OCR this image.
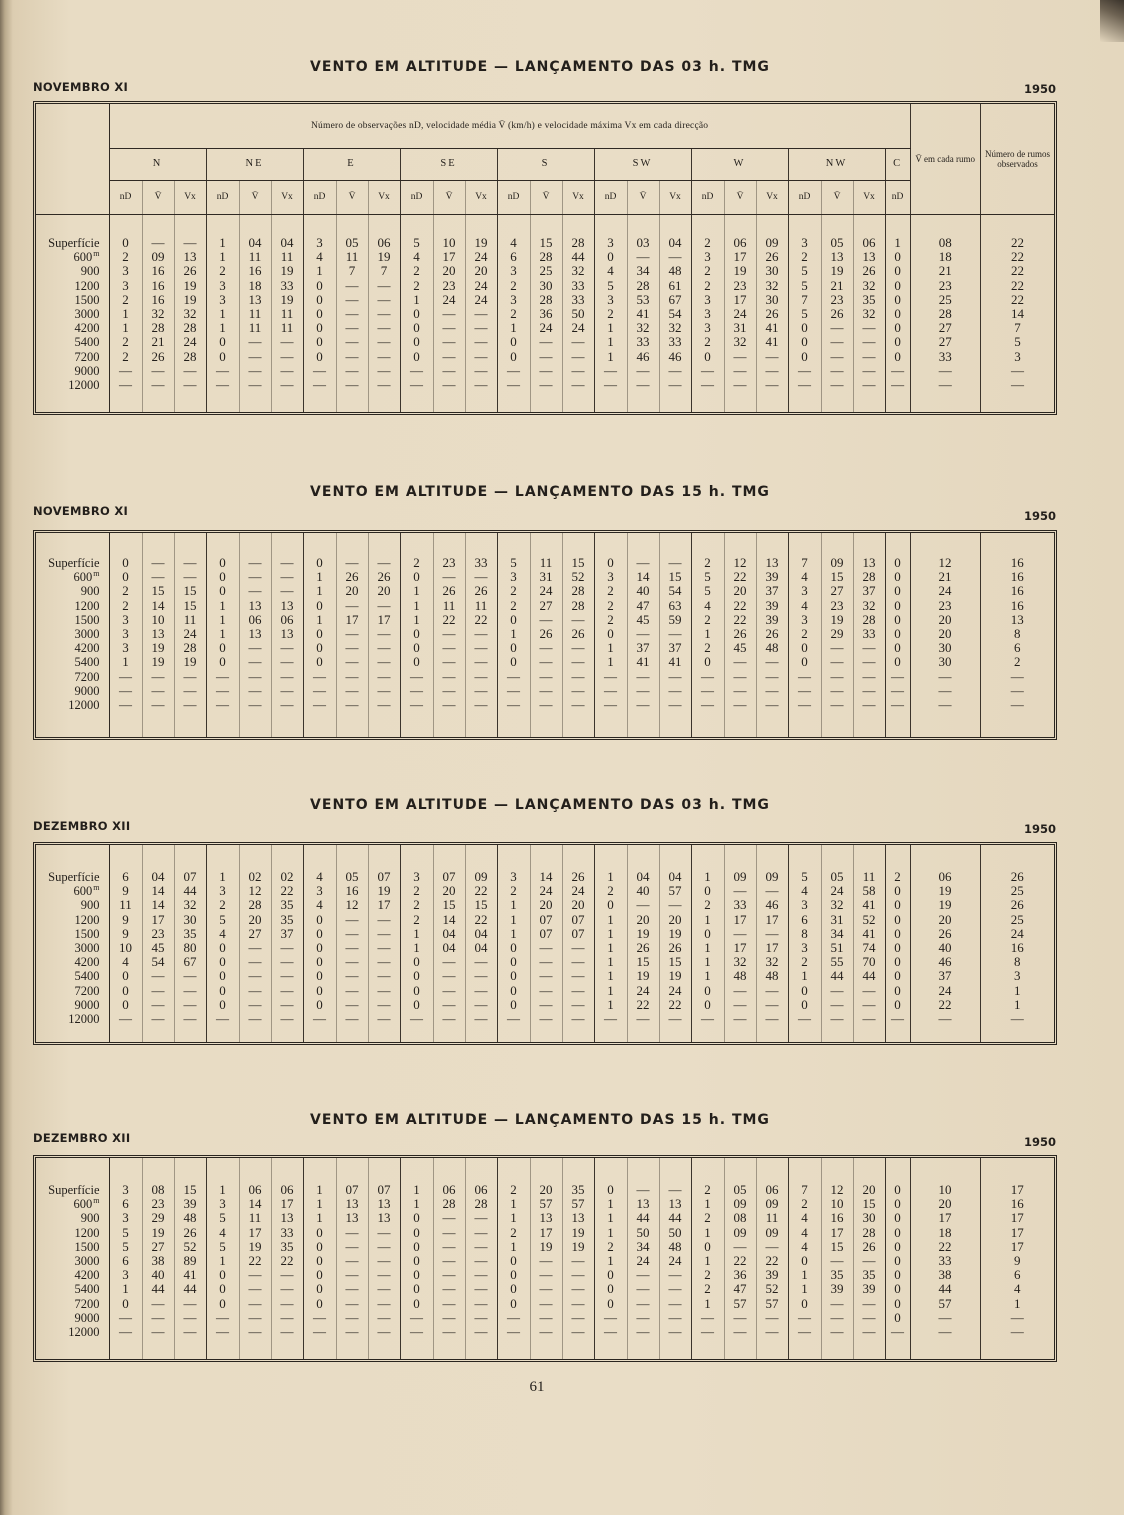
VENTO EM ALTITUDE — LANÇAMENTO DAS 03 h. TMG
NOVEMBRO XI	1950
	Número de observações nD, velocidade média V̄ (km/h) e velocidade máxima Vx em cada direcção																									V̄ em cada rumo	Número de rumos observados
	N			NE			E			SE			S			SW			W			NW			C		
	nD	V̄	Vx	nD	V̄	Vx	nD	V̄	Vx	nD	V̄	Vx	nD	V̄	Vx	nD	V̄	Vx	nD	V̄	Vx	nD	V̄	Vx	nD		

Superfície	0	—	—	1	04	04	3	05	06	5	10	19	4	15	28	3	03	04	2	06	09	3	05	06	1	08	22
600$^m$	2	09	13	1	11	11	4	11	19	4	17	24	6	28	44	0	—	—	3	17	26	2	13	13	0	18	22
900	3	16	26	2	16	19	1	7	7	2	20	20	3	25	32	4	34	48	2	19	30	5	19	26	0	21	22
1200	3	16	19	3	18	33	0	—	—	2	23	24	2	30	33	5	28	61	2	23	32	5	21	32	0	23	22
1500	2	16	19	3	13	19	0	—	—	1	24	24	3	28	33	3	53	67	3	17	30	7	23	35	0	25	22
3000	1	32	32	1	11	11	0	—	—	0	—	—	2	36	50	2	41	54	3	24	26	5	26	32	0	28	14
4200	1	28	28	1	11	11	0	—	—	0	—	—	1	24	24	1	32	32	3	31	41	0	—	—	0	27	7
5400	2	21	24	0	—	—	0	—	—	0	—	—	0	—	—	1	33	33	2	32	41	0	—	—	0	27	5
7200	2	26	28	0	—	—	0	—	—	0	—	—	0	—	—	1	46	46	0	—	—	0	—	—	0	33	3
9000	—	—	—	—	—	—	—	—	—	—	—	—	—	—	—	—	—	—	—	—	—	—	—	—	—	—	—
12000	—	—	—	—	—	—	—	—	—	—	—	—	—	—	—	—	—	—	—	—	—	—	—	—	—	—	—

VENTO EM ALTITUDE — LANÇAMENTO DAS 15 h. TMG
NOVEMBRO XI	1950

Superfície	0	—	—	0	—	—	0	—	—	2	23	33	5	11	15	0	—	—	2	12	13	7	09	13	0	12	16
600$^m$	0	—	—	0	—	—	1	26	26	0	—	—	3	31	52	3	14	15	5	22	39	4	15	28	0	21	16
900	2	15	15	0	—	—	1	20	20	1	26	26	2	24	28	2	40	54	5	20	37	3	27	37	0	24	16
1200	2	14	15	1	13	13	0	—	—	1	11	11	2	27	28	2	47	63	4	22	39	4	23	32	0	23	16
1500	3	10	11	1	06	06	1	17	17	1	22	22	0	—	—	2	45	59	2	22	39	3	19	28	0	20	13
3000	3	13	24	1	13	13	0	—	—	0	—	—	1	26	26	0	—	—	1	26	26	2	29	33	0	20	8
4200	3	19	28	0	—	—	0	—	—	0	—	—	0	—	—	1	37	37	2	45	48	0	—	—	0	30	6
5400	1	19	19	0	—	—	0	—	—	0	—	—	0	—	—	1	41	41	0	—	—	0	—	—	0	30	2
7200	—	—	—	—	—	—	—	—	—	—	—	—	—	—	—	—	—	—	—	—	—	—	—	—	—	—	—
9000	—	—	—	—	—	—	—	—	—	—	—	—	—	—	—	—	—	—	—	—	—	—	—	—	—	—	—
12000	—	—	—	—	—	—	—	—	—	—	—	—	—	—	—	—	—	—	—	—	—	—	—	—	—	—	—

VENTO EM ALTITUDE — LANÇAMENTO DAS 03 h. TMG
DEZEMBRO XII	1950

Superfície	6	04	07	1	02	02	4	05	07	3	07	09	3	14	26	1	04	04	1	09	09	5	05	11	2	06	26
600$^m$	9	14	44	3	12	22	3	16	19	2	20	22	2	24	24	2	40	57	0	—	—	4	24	58	0	19	25
900	11	14	32	2	28	35	4	12	17	2	15	15	1	20	20	0	—	—	2	33	46	3	32	41	0	19	26
1200	9	17	30	5	20	35	0	—	—	2	14	22	1	07	07	1	20	20	1	17	17	6	31	52	0	20	25
1500	9	23	35	4	27	37	0	—	—	1	04	04	1	07	07	1	19	19	0	—	—	8	34	41	0	26	24
3000	10	45	80	0	—	—	0	—	—	1	04	04	0	—	—	1	26	26	1	17	17	3	51	74	0	40	16
4200	4	54	67	0	—	—	0	—	—	0	—	—	0	—	—	1	15	15	1	32	32	2	55	70	0	46	8
5400	0	—	—	0	—	—	0	—	—	0	—	—	0	—	—	1	19	19	1	48	48	1	44	44	0	37	3
7200	0	—	—	0	—	—	0	—	—	0	—	—	0	—	—	1	24	24	0	—	—	0	—	—	0	24	1
9000	0	—	—	0	—	—	0	—	—	0	—	—	0	—	—	1	22	22	0	—	—	0	—	—	0	22	1
12000	—	—	—	—	—	—	—	—	—	—	—	—	—	—	—	—	—	—	—	—	—	—	—	—	—	—	—

VENTO EM ALTITUDE — LANÇAMENTO DAS 15 h. TMG
DEZEMBRO XII	1950

Superfície	3	08	15	1	06	06	1	07	07	1	06	06	2	20	35	0	—	—	2	05	06	7	12	20	0	10	17
600$^m$	6	23	39	3	14	17	1	13	13	1	28	28	1	57	57	1	13	13	1	09	09	2	10	15	0	20	16
900	3	29	48	5	11	13	1	13	13	0	—	—	1	13	13	1	44	44	2	08	11	4	16	30	0	17	17
1200	5	19	26	4	17	33	0	—	—	0	—	—	2	17	19	1	50	50	1	09	09	4	17	28	0	18	17
1500	5	27	52	5	19	35	0	—	—	0	—	—	1	19	19	2	34	48	0	—	—	4	15	26	0	22	17
3000	6	38	89	1	22	22	0	—	—	0	—	—	0	—	—	1	24	24	1	22	22	0	—	—	0	33	9
4200	3	40	41	0	—	—	0	—	—	0	—	—	0	—	—	0	—	—	2	36	39	1	35	35	0	38	6
5400	1	44	44	0	—	—	0	—	—	0	—	—	0	—	—	0	—	—	2	47	52	1	39	39	0	44	4
7200	0	—	—	0	—	—	0	—	—	0	—	—	0	—	—	0	—	—	1	57	57	0	—	—	0	57	1
9000	—	—	—	—	—	—	—	—	—	—	—	—	—	—	—	—	—	—	—	—	—	—	—	—	0	—	—
12000	—	—	—	—	—	—	—	—	—	—	—	—	—	—	—	—	—	—	—	—	—	—	—	—	—	—	—

61
